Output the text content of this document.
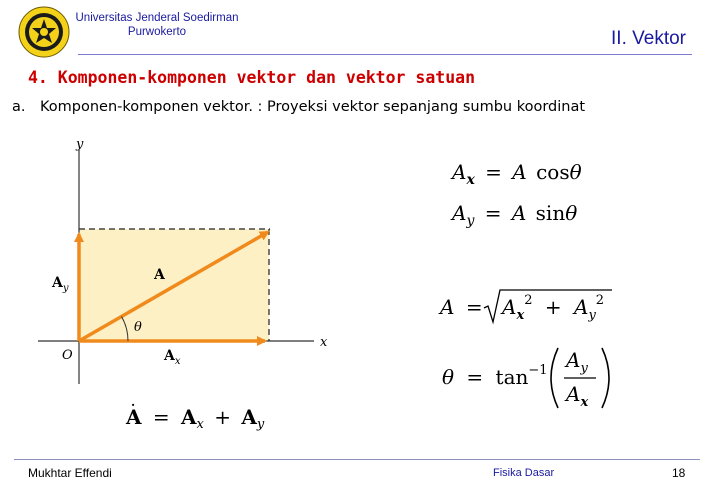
Universitas Jenderal Soedirman
Purwokerto	II. Vektor
4. Komponen-komponen vektor dan vektor satuan
a. Komponen-komponen vektor. : Proyeksi vektor sepanjang sumbu koordinat
y
x
O
θ
A
$A_y$
$A_x$
.
$A = A_x + A_y$
$A_x = A$ cosθ
$A_y = A$ sinθ
$A = A_x^2 + A_y^2$
$\theta = \tan^{-1} A_y$
$A_x$
Mukhtar Effendi	Fisika Dasar	18
